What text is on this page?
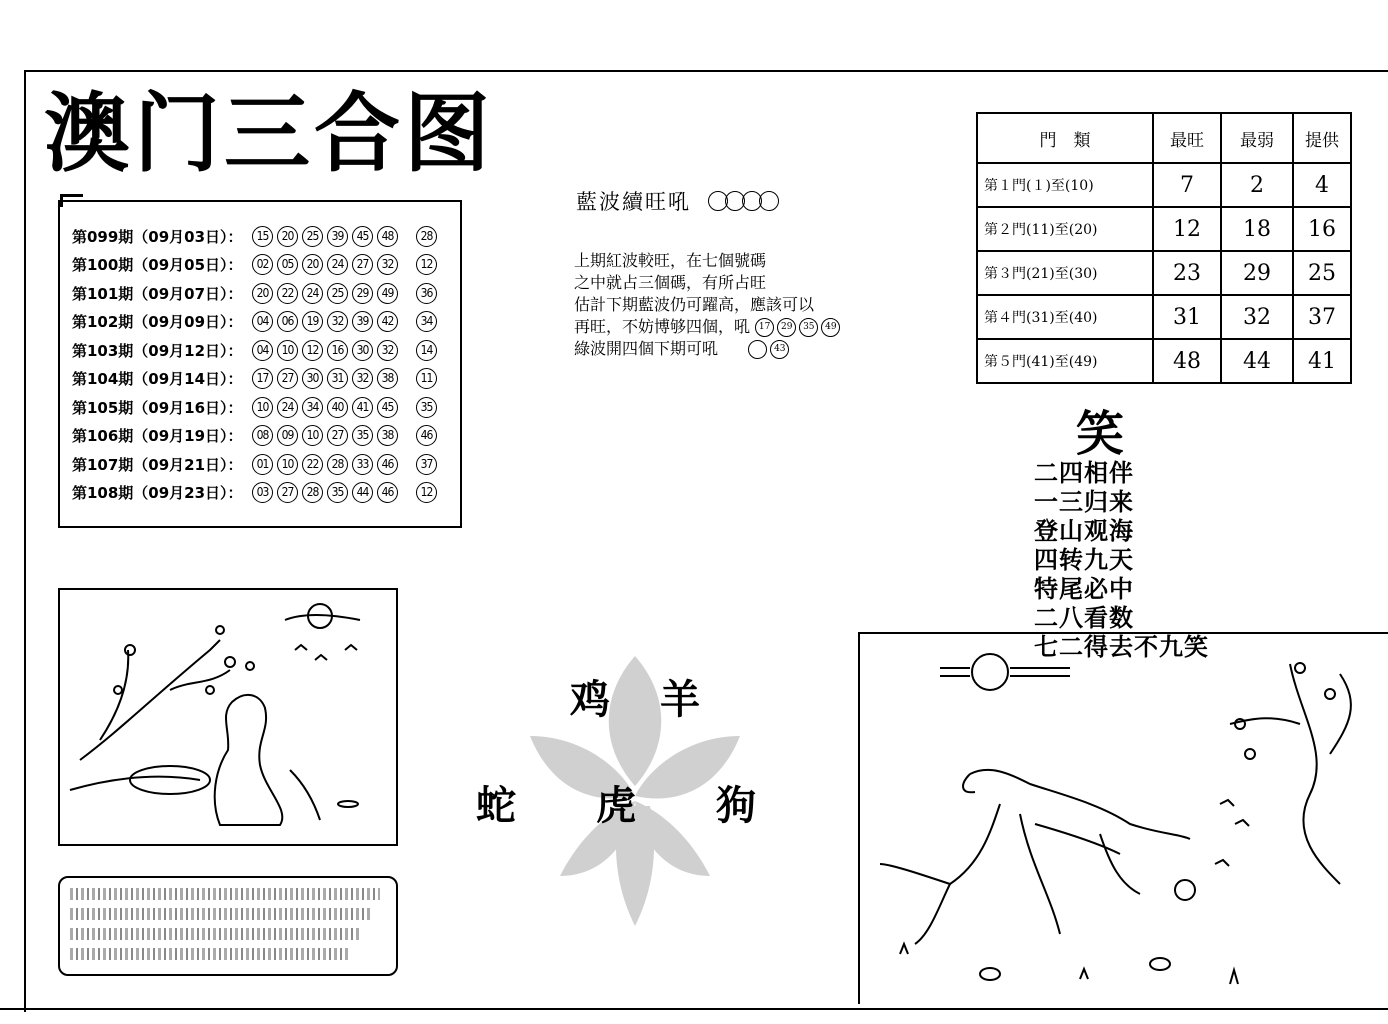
澳门三合图
第099期（09月03日）：	15	20	25	39	45	48	28
第100期（09月05日）：	02	05	20	24	27	32	12
第101期（09月07日）：	20	22	24	25	29	49	36
第102期（09月09日）：	04	06	19	32	39	42	34
第103期（09月12日）：	04	10	12	16	30	32	14
第104期（09月14日）：	17	27	30	31	32	38	11
第105期（09月16日）：	10	24	34	40	41	45	35
第106期（09月19日）：	08	09	10	27	35	38	46
第107期（09月21日）：	01	10	22	28	33	46	37
第108期（09月23日）：	03	27	28	35	44	46	12
藍波續旺吼
上期紅波較旺，在七個號碼
之中就占三個碼，有所占旺
估計下期藍波仍可躍高，應該可以
再旺，不妨博够四個，吼 17 29 35 49
綠波開四個下期可吼	43
門　類	最旺	最弱	提供
第１門(１)至(10)	7	2	4
第２門(11)至(20)	12	18	16
第３門(21)至(30)	23	29	25
第４門(31)至(40)	31	32	37
第５門(41)至(49)	48	44	41
笑
二四相伴
一三归来
登山观海
四转九天
特尾必中
二八看数
七二得去不九笑
鸡 羊
蛇 虎 狗
